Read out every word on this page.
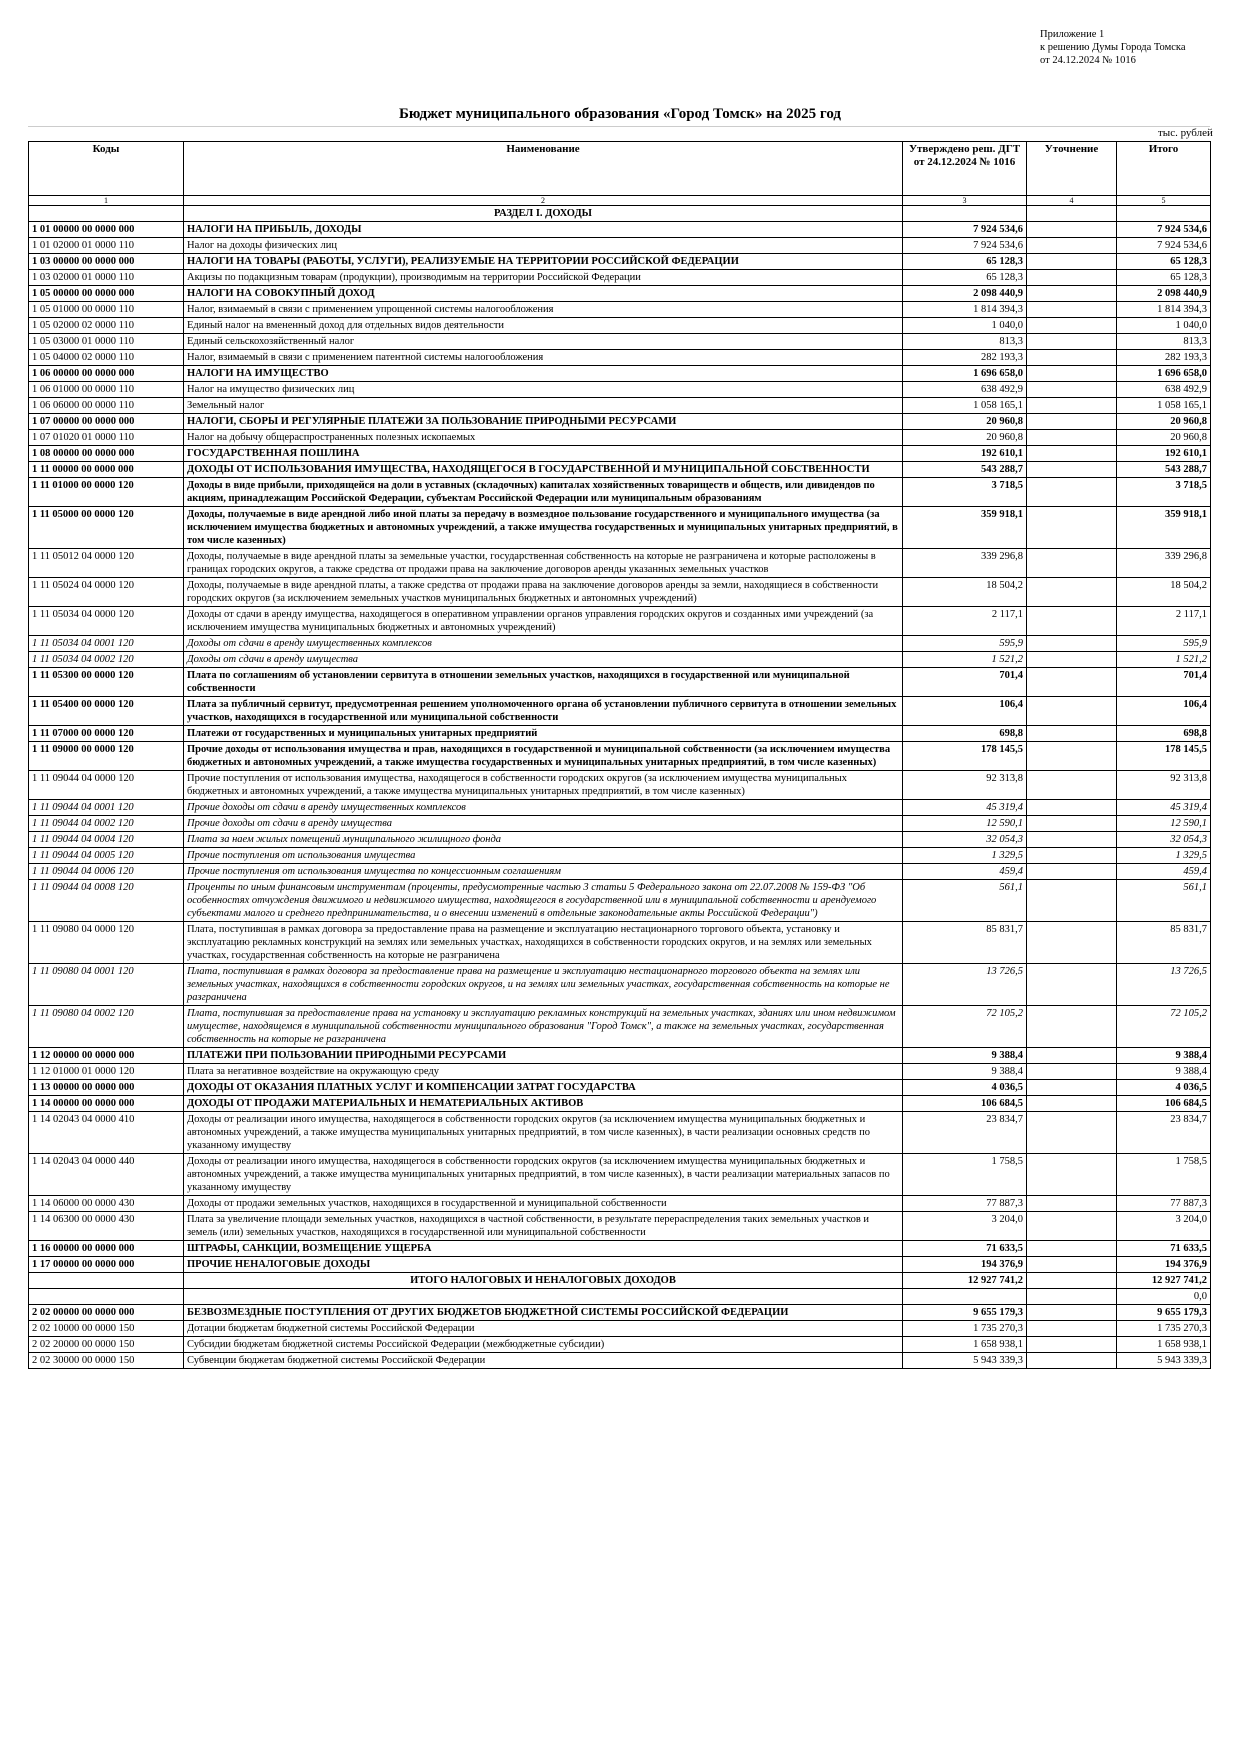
Приложение 1
к решению Думы Города Томска
от 24.12.2024 № 1016
Бюджет муниципального образования «Город Томск» на 2025 год
тыс. рублей
Коды	Наименование	Утверждено реш. ДГТ от 24.12.2024 № 1016	Уточнение	Итого
1	2	3	4	5
	РАЗДЕЛ I. ДОХОДЫ			
1 01 00000 00 0000 000	НАЛОГИ НА ПРИБЫЛЬ, ДОХОДЫ	7 924 534,6		7 924 534,6
1 01 02000 01 0000 110	Налог на доходы физических лиц	7 924 534,6		7 924 534,6
1 03 00000 00 0000 000	НАЛОГИ НА ТОВАРЫ (РАБОТЫ, УСЛУГИ), РЕАЛИЗУЕМЫЕ НА ТЕРРИТОРИИ РОССИЙСКОЙ ФЕДЕРАЦИИ	65 128,3		65 128,3
1 03 02000 01 0000 110	Акцизы по подакцизным товарам (продукции), производимым на территории Российской Федерации	65 128,3		65 128,3
1 05 00000 00 0000 000	НАЛОГИ НА СОВОКУПНЫЙ ДОХОД	2 098 440,9		2 098 440,9
1 05 01000 00 0000 110	Налог, взимаемый в связи с применением упрощенной системы налогообложения	1 814 394,3		1 814 394,3
1 05 02000 02 0000 110	Единый налог на вмененный доход для отдельных видов деятельности	1 040,0		1 040,0
1 05 03000 01 0000 110	Единый сельскохозяйственный налог	813,3		813,3
1 05 04000 02 0000 110	Налог, взимаемый в связи с применением патентной системы налогообложения	282 193,3		282 193,3
1 06 00000 00 0000 000	НАЛОГИ НА ИМУЩЕСТВО	1 696 658,0		1 696 658,0
1 06 01000 00 0000 110	Налог на имущество физических лиц	638 492,9		638 492,9
1 06 06000 00 0000 110	Земельный налог	1 058 165,1		1 058 165,1
1 07 00000 00 0000 000	НАЛОГИ, СБОРЫ И РЕГУЛЯРНЫЕ ПЛАТЕЖИ ЗА ПОЛЬЗОВАНИЕ ПРИРОДНЫМИ РЕСУРСАМИ	20 960,8		20 960,8
1 07 01020 01 0000 110	Налог на добычу общераспространенных полезных ископаемых	20 960,8		20 960,8
1 08 00000 00 0000 000	ГОСУДАРСТВЕННАЯ ПОШЛИНА	192 610,1		192 610,1
1 11 00000 00 0000 000	ДОХОДЫ ОТ ИСПОЛЬЗОВАНИЯ ИМУЩЕСТВА, НАХОДЯЩЕГОСЯ В ГОСУДАРСТВЕННОЙ И МУНИЦИПАЛЬНОЙ СОБСТВЕННОСТИ	543 288,7		543 288,7
1 11 01000 00 0000 120	Доходы в виде прибыли, приходящейся на доли в уставных (складочных) капиталах хозяйственных товариществ и обществ, или дивидендов по акциям, принадлежащим Российской Федерации, субъектам Российской Федерации или муниципальным образованиям	3 718,5		3 718,5
1 11 05000 00 0000 120	Доходы, получаемые в виде арендной либо иной платы за передачу в возмездное пользование государственного и муниципального имущества (за исключением имущества бюджетных и автономных учреждений, а также имущества государственных и муниципальных унитарных предприятий, в том числе казенных)	359 918,1		359 918,1
1 11 05012 04 0000 120	Доходы, получаемые в виде арендной платы за земельные участки, государственная собственность на которые не разграничена и которые расположены в границах городских округов, а также средства от продажи права на заключение договоров аренды указанных земельных участков	339 296,8		339 296,8
1 11 05024 04 0000 120	Доходы, получаемые в виде арендной платы, а также средства от продажи права на заключение договоров аренды за земли, находящиеся в собственности городских округов (за исключением земельных участков муниципальных бюджетных и автономных учреждений)	18 504,2		18 504,2
1 11 05034 04 0000 120	Доходы от сдачи в аренду имущества, находящегося в оперативном управлении органов управления городских округов и созданных ими учреждений (за исключением имущества муниципальных бюджетных и автономных учреждений)	2 117,1		2 117,1
1 11 05034 04 0001 120	Доходы от сдачи в аренду имущественных комплексов	595,9		595,9
1 11 05034 04 0002 120	Доходы от сдачи в аренду имущества	1 521,2		1 521,2
1 11 05300 00 0000 120	Плата по соглашениям об установлении сервитута в отношении земельных участков, находящихся в государственной или муниципальной собственности	701,4		701,4
1 11 05400 00 0000 120	Плата за публичный сервитут, предусмотренная решением уполномоченного органа об установлении публичного сервитута в отношении земельных участков, находящихся в государственной или муниципальной собственности	106,4		106,4
1 11 07000 00 0000 120	Платежи от государственных и муниципальных унитарных предприятий	698,8		698,8
1 11 09000 00 0000 120	Прочие доходы от использования имущества и прав, находящихся в государственной и муниципальной собственности (за исключением имущества бюджетных и автономных учреждений, а также имущества государственных и муниципальных унитарных предприятий, в том числе казенных)	178 145,5		178 145,5
1 11 09044 04 0000 120	Прочие поступления от использования имущества, находящегося в собственности городских округов (за исключением имущества муниципальных бюджетных и автономных учреждений, а также имущества муниципальных унитарных предприятий, в том числе казенных)	92 313,8		92 313,8
1 11 09044 04 0001 120	Прочие доходы от сдачи в аренду имущественных комплексов	45 319,4		45 319,4
1 11 09044 04 0002 120	Прочие доходы от сдачи в аренду имущества	12 590,1		12 590,1
1 11 09044 04 0004 120	Плата за наем жилых помещений муниципального жилищного фонда	32 054,3		32 054,3
1 11 09044 04 0005 120	Прочие поступления от использования имущества	1 329,5		1 329,5
1 11 09044 04 0006 120	Прочие поступления от использования имущества по концессионным соглашениям	459,4		459,4
1 11 09044 04 0008 120	Проценты по иным финансовым инструментам (проценты, предусмотренные частью 3 статьи 5 Федерального закона от 22.07.2008 № 159-ФЗ "Об особенностях отчуждения движимого и недвижимого имущества, находящегося в государственной или в муниципальной собственности и арендуемого субъектами малого и среднего предпринимательства, и о внесении изменений в отдельные законодательные акты Российской Федерации")	561,1		561,1
1 11 09080 04 0000 120	Плата, поступившая в рамках договора за предоставление права на размещение и эксплуатацию нестационарного торгового объекта, установку и эксплуатацию рекламных конструкций на землях или земельных участках, находящихся в собственности городских округов, и на землях или земельных участках, государственная собственность на которые не разграничена	85 831,7		85 831,7
1 11 09080 04 0001 120	Плата, поступившая в рамках договора за предоставление права на размещение и эксплуатацию нестационарного торгового объекта на землях или земельных участках, находящихся в собственности городских округов, и на землях или земельных участках, государственная собственность на которые не разграничена	13 726,5		13 726,5
1 11 09080 04 0002 120	Плата, поступившая за предоставление права на установку и эксплуатацию рекламных конструкций на земельных участках, зданиях или ином недвижимом имуществе, находящемся в муниципальной собственности муниципального образования "Город Томск", а также на земельных участках, государственная собственность на которые не разграничена	72 105,2		72 105,2
1 12 00000 00 0000 000	ПЛАТЕЖИ ПРИ ПОЛЬЗОВАНИИ ПРИРОДНЫМИ РЕСУРСАМИ	9 388,4		9 388,4
1 12 01000 01 0000 120	Плата за негативное воздействие на окружающую среду	9 388,4		9 388,4
1 13 00000 00 0000 000	ДОХОДЫ ОТ ОКАЗАНИЯ ПЛАТНЫХ УСЛУГ И КОМПЕНСАЦИИ ЗАТРАТ ГОСУДАРСТВА	4 036,5		4 036,5
1 14 00000 00 0000 000	ДОХОДЫ ОТ ПРОДАЖИ МАТЕРИАЛЬНЫХ И НЕМАТЕРИАЛЬНЫХ АКТИВОВ	106 684,5		106 684,5
1 14 02043 04 0000 410	Доходы от реализации иного имущества, находящегося в собственности городских округов (за исключением имущества муниципальных бюджетных и автономных учреждений, а также имущества муниципальных унитарных предприятий, в том числе казенных), в части реализации основных средств по указанному имуществу	23 834,7		23 834,7
1 14 02043 04 0000 440	Доходы от реализации иного имущества, находящегося в собственности городских округов (за исключением имущества муниципальных бюджетных и автономных учреждений, а также имущества муниципальных унитарных предприятий, в том числе казенных), в части реализации материальных запасов по указанному имуществу	1 758,5		1 758,5
1 14 06000 00 0000 430	Доходы от продажи земельных участков, находящихся в государственной и муниципальной собственности	77 887,3		77 887,3
1 14 06300 00 0000 430	Плата за увеличение площади земельных участков, находящихся в частной собственности, в результате перераспределения таких земельных участков и земель (или) земельных участков, находящихся в государственной или муниципальной собственности	3 204,0		3 204,0
1 16 00000 00 0000 000	ШТРАФЫ, САНКЦИИ, ВОЗМЕЩЕНИЕ УЩЕРБА	71 633,5		71 633,5
1 17 00000 00 0000 000	ПРОЧИЕ НЕНАЛОГОВЫЕ ДОХОДЫ	194 376,9		194 376,9
	ИТОГО НАЛОГОВЫХ И НЕНАЛОГОВЫХ ДОХОДОВ	12 927 741,2		12 927 741,2
				0,0
2 02 00000 00 0000 000	БЕЗВОЗМЕЗДНЫЕ ПОСТУПЛЕНИЯ ОТ ДРУГИХ БЮДЖЕТОВ БЮДЖЕТНОЙ СИСТЕМЫ РОССИЙСКОЙ ФЕДЕРАЦИИ	9 655 179,3		9 655 179,3
2 02 10000 00 0000 150	Дотации бюджетам бюджетной системы Российской Федерации	1 735 270,3		1 735 270,3
2 02 20000 00 0000 150	Субсидии бюджетам бюджетной системы Российской Федерации (межбюджетные субсидии)	1 658 938,1		1 658 938,1
2 02 30000 00 0000 150	Субвенции бюджетам бюджетной системы Российской Федерации	5 943 339,3		5 943 339,3
